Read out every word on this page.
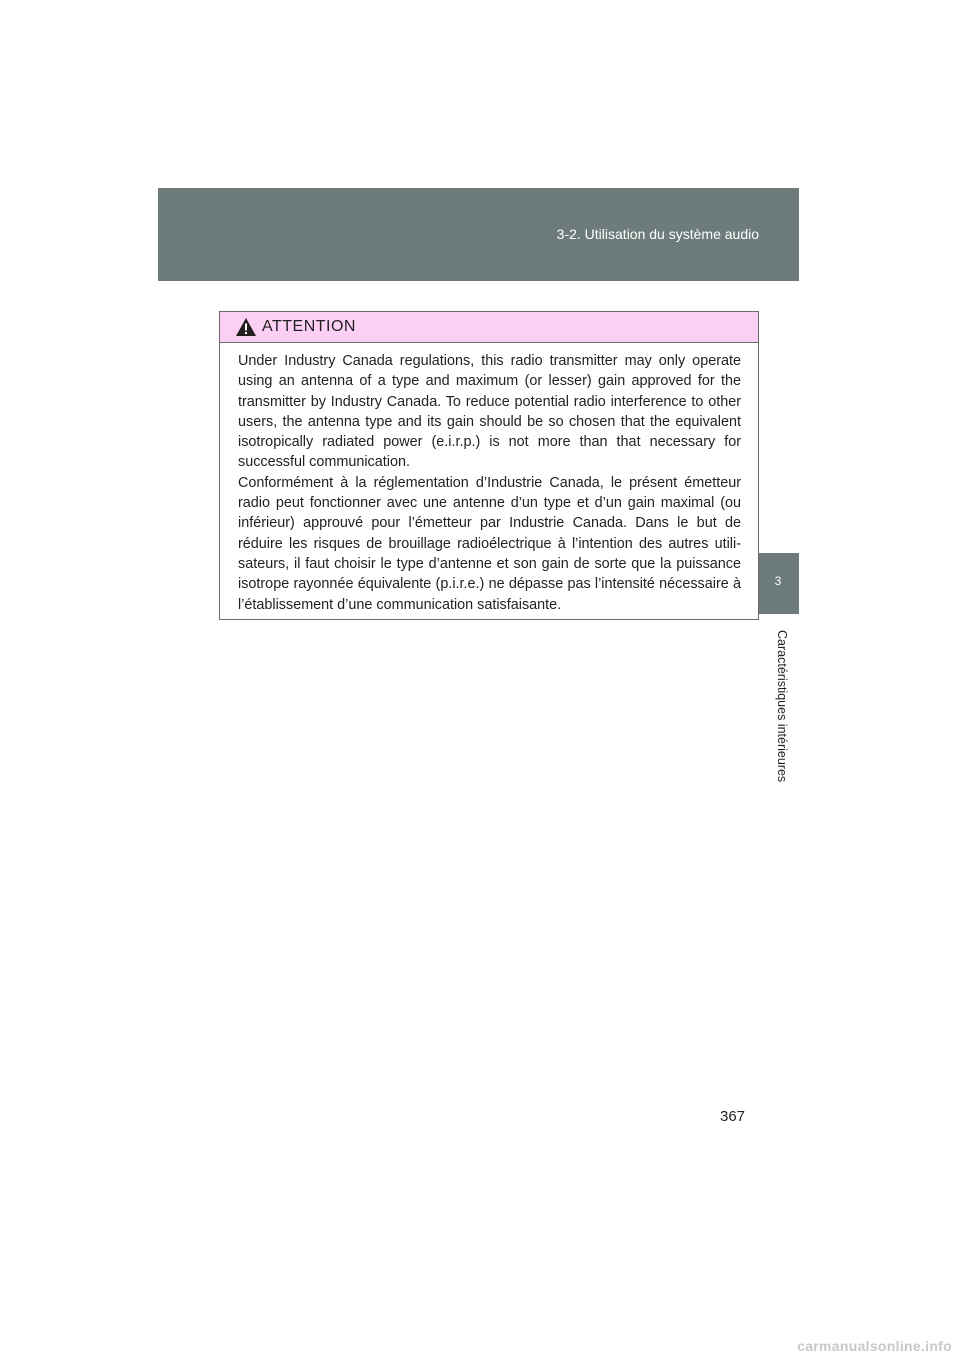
3-2. Utilisation du système audio
3
Caractéristiques intérieures
ATTENTION

Under Industry Canada regulations, this radio transmitter may only operate using an antenna of a type and maximum (or lesser) gain approved for the transmitter by Industry Canada. To reduce potential radio interference to other users, the antenna type and its gain should be so chosen that the equivalent isotropically radiated power (e.i.r.p.) is not more than that necessary for successful communication.

Conformément à la réglementation d’Industrie Canada, le présent émetteur radio peut fonctionner avec une antenne d’un type et d’un gain maximal (ou inférieur) approuvé pour l’émetteur par Industrie Canada. Dans le but de réduire les risques de brouillage radioélectrique à l’intention des autres utilisateurs, il faut choisir le type d’antenne et son gain de sorte que la puissance isotrope rayonnée équivalente (p.i.r.e.) ne dépasse pas l’intensité nécessaire à l’établissement d’une communication satisfaisante.

367
carmanualsonline.info
